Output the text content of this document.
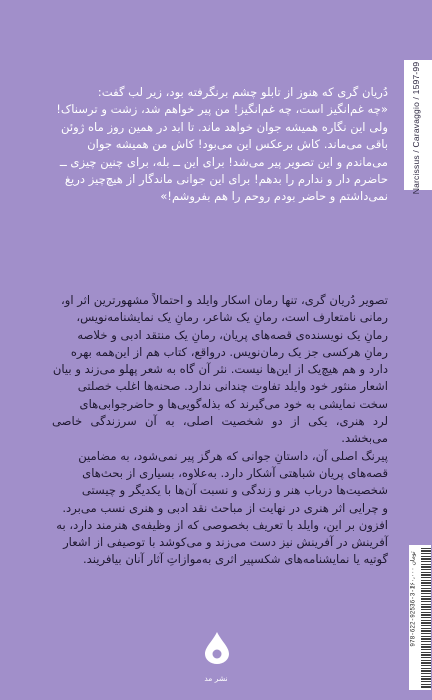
دُریان گری که هنوز از تابلو چشم برنگرفته بود، زیر لب گفت:

«چه غم‌انگیز است، چه غم‌انگیز! من پیر خواهم شد، زشت و ترسناک!

ولی این نگاره همیشه جوان خواهد ماند. تا ابد در همین روز ماه ژوئن

باقی می‌ماند. کاش برعکس این می‌بود! کاش من همیشه جوان

می‌ماندم و این تصویر پیر می‌شد! برای این ــ بله، برای چنین چیزی ــ

حاضرم دار و ندارم را بدهم! برای این جوانی ماندگار از هیچ‌چیز دریغ

نمی‌داشتم و حاضر بودم روحم را هم بفروشم!»

تصویر دُریان گری، تنها رمان اسکار وایلد و احتمالاً مشهورترین اثر او،

رمانی نامتعارف است، رمانِ یک شاعر، رمانِ یک نمایشنامه‌نویس،

رمانِ یک نویسنده‌ی قصه‌های پریان، رمانِ یک منتقد ادبی و خلاصه

رمانِ هرکسی جز یک رمان‌نویس. درواقع، کتاب هم از این‌همه بهره

دارد و هم هیچ‌یک از این‌ها نیست. نثر آن گاه به شعر پهلو می‌زند و بیان

اشعار منثور خود وایلد تفاوت چندانی ندارد. صحنه‌ها اغلب خصلتی

سخت نمایشی به خود می‌گیرند که بذله‌گویی‌ها و حاضرجوابی‌های

لرد هنری، یکی از دو شخصیت اصلی، به آن سرزندگی خاصی می‌بخشد.

پیرنگ اصلی آن، داستانِ جوانی که هرگز پیر نمی‌شود، به مضامین

قصه‌های پریان شباهتی آشکار دارد. به‌علاوه، بسیاری از بحث‌های

شخصیت‌ها درباب هنر و زندگی و نسبت آن‌ها با یکدیگر و چیستی

و چرایی اثر هنری در نهایت از مباحث نقد ادبی و هنری نسب می‌برد.

افزون بر این، وایلد با تعریف بخصوصی که از وظیفه‌ی هنرمند دارد، به

آفرینش در آفرینش نیز دست می‌زند و می‌کوشد با توصیفی از اشعار

گوتیه یا نمایشنامه‌های شکسپیر اثری به‌موازاتِ آثار آنان بیافریند.

Narcissus / Caravaggio / 1597-99
نشر مد
978-622-92536-3-2
۱۶۰,۰۰۰ تومان
